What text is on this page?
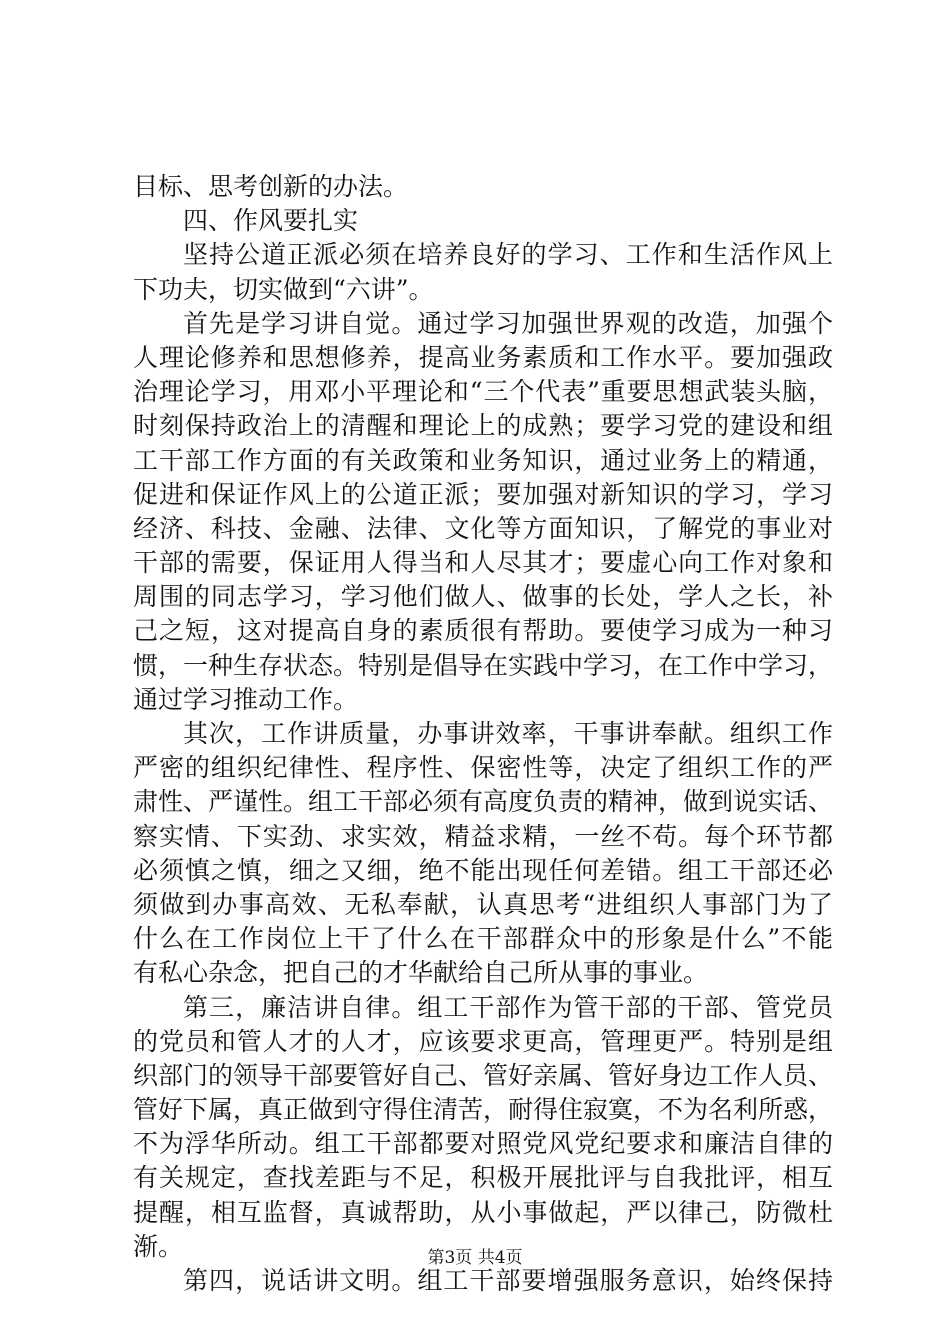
目标、思考创新的办法。
四、作风要扎实
坚持公道正派必须在培养良好的学习、工作和生活作风上
下功夫，切实做到“六讲”。
首先是学习讲自觉。通过学习加强世界观的改造，加强个
人理论修养和思想修养，提高业务素质和工作水平。要加强政
治理论学习，用邓小平理论和“三个代表”重要思想武装头脑，
时刻保持政治上的清醒和理论上的成熟；要学习党的建设和组
工干部工作方面的有关政策和业务知识，通过业务上的精通，
促进和保证作风上的公道正派；要加强对新知识的学习，学习
经济、科技、金融、法律、文化等方面知识，了解党的事业对
干部的需要，保证用人得当和人尽其才；要虚心向工作对象和
周围的同志学习，学习他们做人、做事的长处，学人之长，补
己之短，这对提高自身的素质很有帮助。要使学习成为一种习
惯，一种生存状态。特别是倡导在实践中学习，在工作中学习，
通过学习推动工作。
其次，工作讲质量，办事讲效率，干事讲奉献。组织工作
严密的组织纪律性、程序性、保密性等，决定了组织工作的严
肃性、严谨性。组工干部必须有高度负责的精神，做到说实话、
察实情、下实劲、求实效，精益求精，一丝不苟。每个环节都
必须慎之慎，细之又细，绝不能出现任何差错。组工干部还必
须做到办事高效、无私奉献，认真思考“进组织人事部门为了
什么在工作岗位上干了什么在干部群众中的形象是什么”不能
有私心杂念，把自己的才华献给自己所从事的事业。
第三，廉洁讲自律。组工干部作为管干部的干部、管党员
的党员和管人才的人才，应该要求更高，管理更严。特别是组
织部门的领导干部要管好自己、管好亲属、管好身边工作人员、
管好下属，真正做到守得住清苦，耐得住寂寞，不为名利所惑，
不为浮华所动。组工干部都要对照党风党纪要求和廉洁自律的
有关规定，查找差距与不足，积极开展批评与自我批评，相互
提醒，相互监督，真诚帮助，从小事做起，严以律己，防微杜
渐。
第四，说话讲文明。组工干部要增强服务意识，始终保持
第3页 共4页
